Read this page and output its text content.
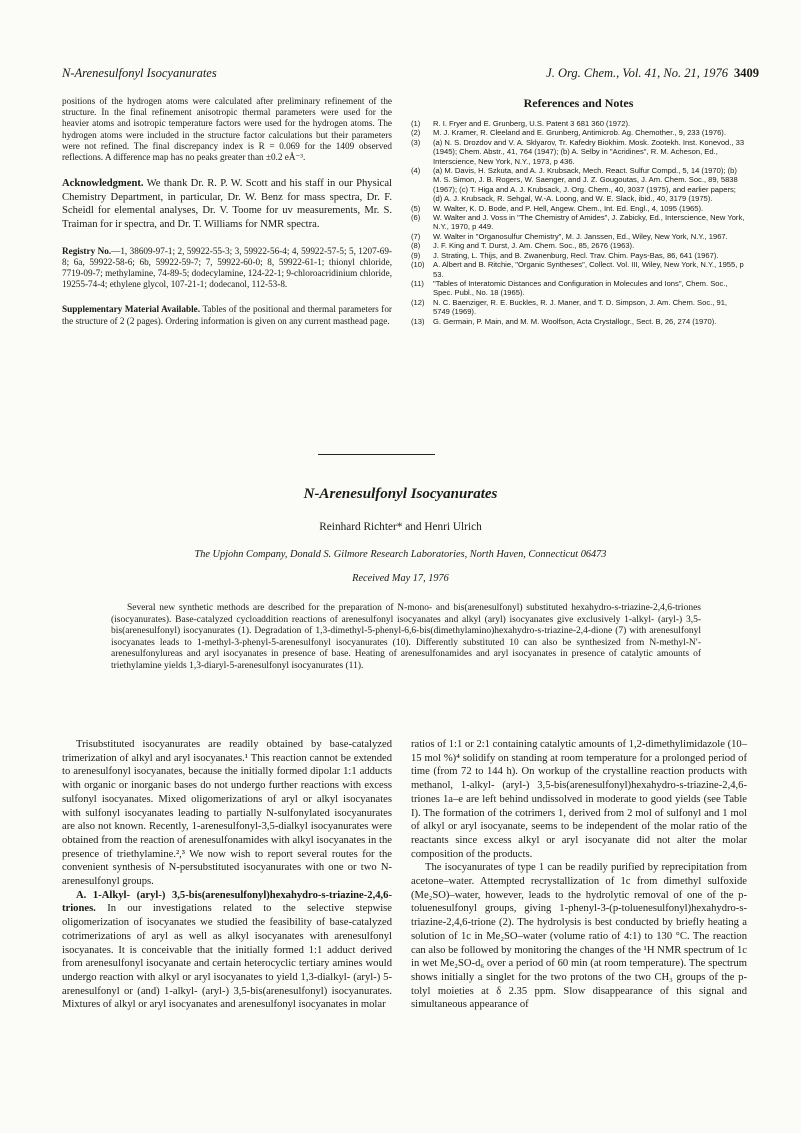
N-Arenesulfonyl Isocyanurates	J. Org. Chem., Vol. 41, No. 21, 1976 3409

positions of the hydrogen atoms were calculated after preliminary refinement of the structure. In the final refinement anisotropic thermal parameters were used for the heavier atoms and isotropic temperature factors were used for the hydrogen atoms. The hydrogen atoms were included in the structure factor calculations but their parameters were not refined. The final discrepancy index is R = 0.069 for the 1409 observed reflections. A difference map has no peaks greater than ±0.2 eÅ⁻³.

Acknowledgment. We thank Dr. R. P. W. Scott and his staff in our Physical Chemistry Department, in particular, Dr. W. Benz for mass spectra, Dr. F. Scheidl for elemental analyses, Dr. V. Toome for uv measurements, Mr. S. Traiman for ir spectra, and Dr. T. Williams for NMR spectra.

Registry No.—1, 38609-97-1; 2, 59922-55-3; 3, 59922-56-4; 4, 59922-57-5; 5, 1207-69-8; 6a, 59922-58-6; 6b, 59922-59-7; 7, 59922-60-0; 8, 59922-61-1; thionyl chloride, 7719-09-7; methylamine, 74-89-5; dodecylamine, 124-22-1; 9-chloroacridinium chloride, 19255-74-4; ethylene glycol, 107-21-1; dodecanol, 112-53-8.

Supplementary Material Available. Tables of the positional and thermal parameters for the structure of 2 (2 pages). Ordering information is given on any current masthead page.

References and Notes
(1)	R. I. Fryer and E. Grunberg, U.S. Patent 3 681 360 (1972).
(2)	M. J. Kramer, R. Cleeland and E. Grunberg, Antimicrob. Ag. Chemother., 9, 233 (1976).
(3)	(a) N. S. Drozdov and V. A. Sklyarov, Tr. Kafedry Biokhim. Mosk. Zootekh. Inst. Konevod., 33 (1945); Chem. Abstr., 41, 764 (1947); (b) A. Selby in "Acridines", R. M. Acheson, Ed., Interscience, New York, N.Y., 1973, p 436.
(4)	(a) M. Davis, H. Szkuta, and A. J. Krubsack, Mech. React. Sulfur Compd., 5, 14 (1970); (b) M. S. Simon, J. B. Rogers, W. Saenger, and J. Z. Gougoutas, J. Am. Chem. Soc., 89, 5838 (1967); (c) T. Higa and A. J. Krubsack, J. Org. Chem., 40, 3037 (1975), and earlier papers; (d) A. J. Krubsack, R. Sehgal, W.-A. Loong, and W. E. Slack, ibid., 40, 3179 (1975).
(5)	W. Walter, K. D. Bode, and P. Hell, Angew. Chem., Int. Ed. Engl., 4, 1095 (1965).
(6)	W. Walter and J. Voss in "The Chemistry of Amides", J. Zabicky, Ed., Interscience, New York, N.Y., 1970, p 449.
(7)	W. Walter in "Organosulfur Chemistry", M. J. Janssen, Ed., Wiley, New York, N.Y., 1967.
(8)	J. F. King and T. Durst, J. Am. Chem. Soc., 85, 2676 (1963).
(9)	J. Strating, L. Thijs, and B. Zwanenburg, Recl. Trav. Chim. Pays-Bas, 86, 641 (1967).
(10)	A. Albert and B. Ritchie, "Organic Syntheses", Collect. Vol. III, Wiley, New York, N.Y., 1955, p 53.
(11)	"Tables of Interatomic Distances and Configuration in Molecules and Ions", Chem. Soc., Spec. Publ., No. 18 (1965).
(12)	N. C. Baenziger, R. E. Buckles, R. J. Maner, and T. D. Simpson, J. Am. Chem. Soc., 91, 5749 (1969).
(13)	G. Germain, P. Main, and M. M. Woolfson, Acta Crystallogr., Sect. B, 26, 274 (1970).
N-Arenesulfonyl Isocyanurates
Reinhard Richter* and Henri Ulrich
The Upjohn Company, Donald S. Gilmore Research Laboratories, North Haven, Connecticut 06473
Received May 17, 1976
Several new synthetic methods are described for the preparation of N-mono- and bis(arenesulfonyl) substituted hexahydro-s-triazine-2,4,6-triones (isocyanurates). Base-catalyzed cycloaddition reactions of arenesulfonyl isocyanates and alkyl (aryl) isocyanates give exclusively 1-alkyl- (aryl-) 3,5-bis(arenesulfonyl) isocyanurates (1). Degradation of 1,3-dimethyl-5-phenyl-6,6-bis(dimethylamino)hexahydro-s-triazine-2,4-dione (7) with arenesulfonyl isocyanates leads to 1-methyl-3-phenyl-5-arenesulfonyl isocyanurates (10). Differently substituted 10 can also be synthesized from N-methyl-N′-arenesulfonylureas and aryl isocyanates in presence of base. Heating of arenesulfonamides and aryl isocyanates in presence of catalytic amounts of triethylamine yields 1,3-diaryl-5-arenesulfonyl isocyanurates (11).

Trisubstituted isocyanurates are readily obtained by base-catalyzed trimerization of alkyl and aryl isocyanates.¹ This reaction cannot be extended to arenesulfonyl isocyanates, because the initially formed dipolar 1:1 adducts with organic or inorganic bases do not undergo further reactions with excess sulfonyl isocyanates. Mixed oligomerizations of aryl or alkyl isocyanates with sulfonyl isocyanates leading to partially N-sulfonylated isocyanurates are also not known. Recently, 1-arenesulfonyl-3,5-dialkyl isocyanurates were obtained from the reaction of arenesulfonamides with alkyl isocyanates in the presence of triethylamine.²,³ We now wish to report several routes for the convenient synthesis of N-persubstituted isocyanurates with one or two N-arenesulfonyl groups.

A. 1-Alkyl- (aryl-) 3,5-bis(arenesulfonyl)hexahydro-s-triazine-2,4,6-triones. In our investigations related to the selective stepwise oligomerization of isocyanates we studied the feasibility of base-catalyzed cotrimerizations of aryl as well as alkyl isocyanates with arenesulfonyl isocyanates. It is conceivable that the initially formed 1:1 adduct derived from arenesulfonyl isocyanate and certain heterocyclic tertiary amines would undergo reaction with alkyl or aryl isocyanates to yield 1,3-dialkyl- (aryl-) 5-arenesulfonyl or (and) 1-alkyl- (aryl-) 3,5-bis(arenesulfonyl) isocyanurates. Mixtures of alkyl or aryl isocyanates and arenesulfonyl isocyanates in molar

ratios of 1:1 or 2:1 containing catalytic amounts of 1,2-dimethylimidazole (10–15 mol %)⁴ solidify on standing at room temperature for a prolonged period of time (from 72 to 144 h). On workup of the crystalline reaction products with methanol, 1-alkyl- (aryl-) 3,5-bis(arenesulfonyl)hexahydro-s-triazine-2,4,6-triones 1a–e are left behind undissolved in moderate to good yields (see Table I). The formation of the cotrimers 1, derived from 2 mol of sulfonyl and 1 mol of alkyl or aryl isocyanate, seems to be independent of the molar ratio of the reactants since excess alkyl or aryl isocyanate did not alter the molar composition of the products.

The isocyanurates of type 1 can be readily purified by reprecipitation from acetone–water. Attempted recrystallization of 1c from dimethyl sulfoxide (Me₂SO)–water, however, leads to the hydrolytic removal of one of the p-toluenesulfonyl groups, giving 1-phenyl-3-(p-toluenesulfonyl)hexahydro-s-triazine-2,4,6-trione (2). The hydrolysis is best conducted by briefly heating a solution of 1c in Me₂SO–water (volume ratio of 4:1) to 130 °C. The reaction can also be followed by monitoring the changes of the ¹H NMR spectrum of 1c in wet Me₂SO-d₆ over a period of 60 min (at room temperature). The spectrum shows initially a singlet for the two protons of the two CH₃ groups of the p-tolyl moieties at δ 2.35 ppm. Slow disappearance of this signal and simultaneous appearance of
